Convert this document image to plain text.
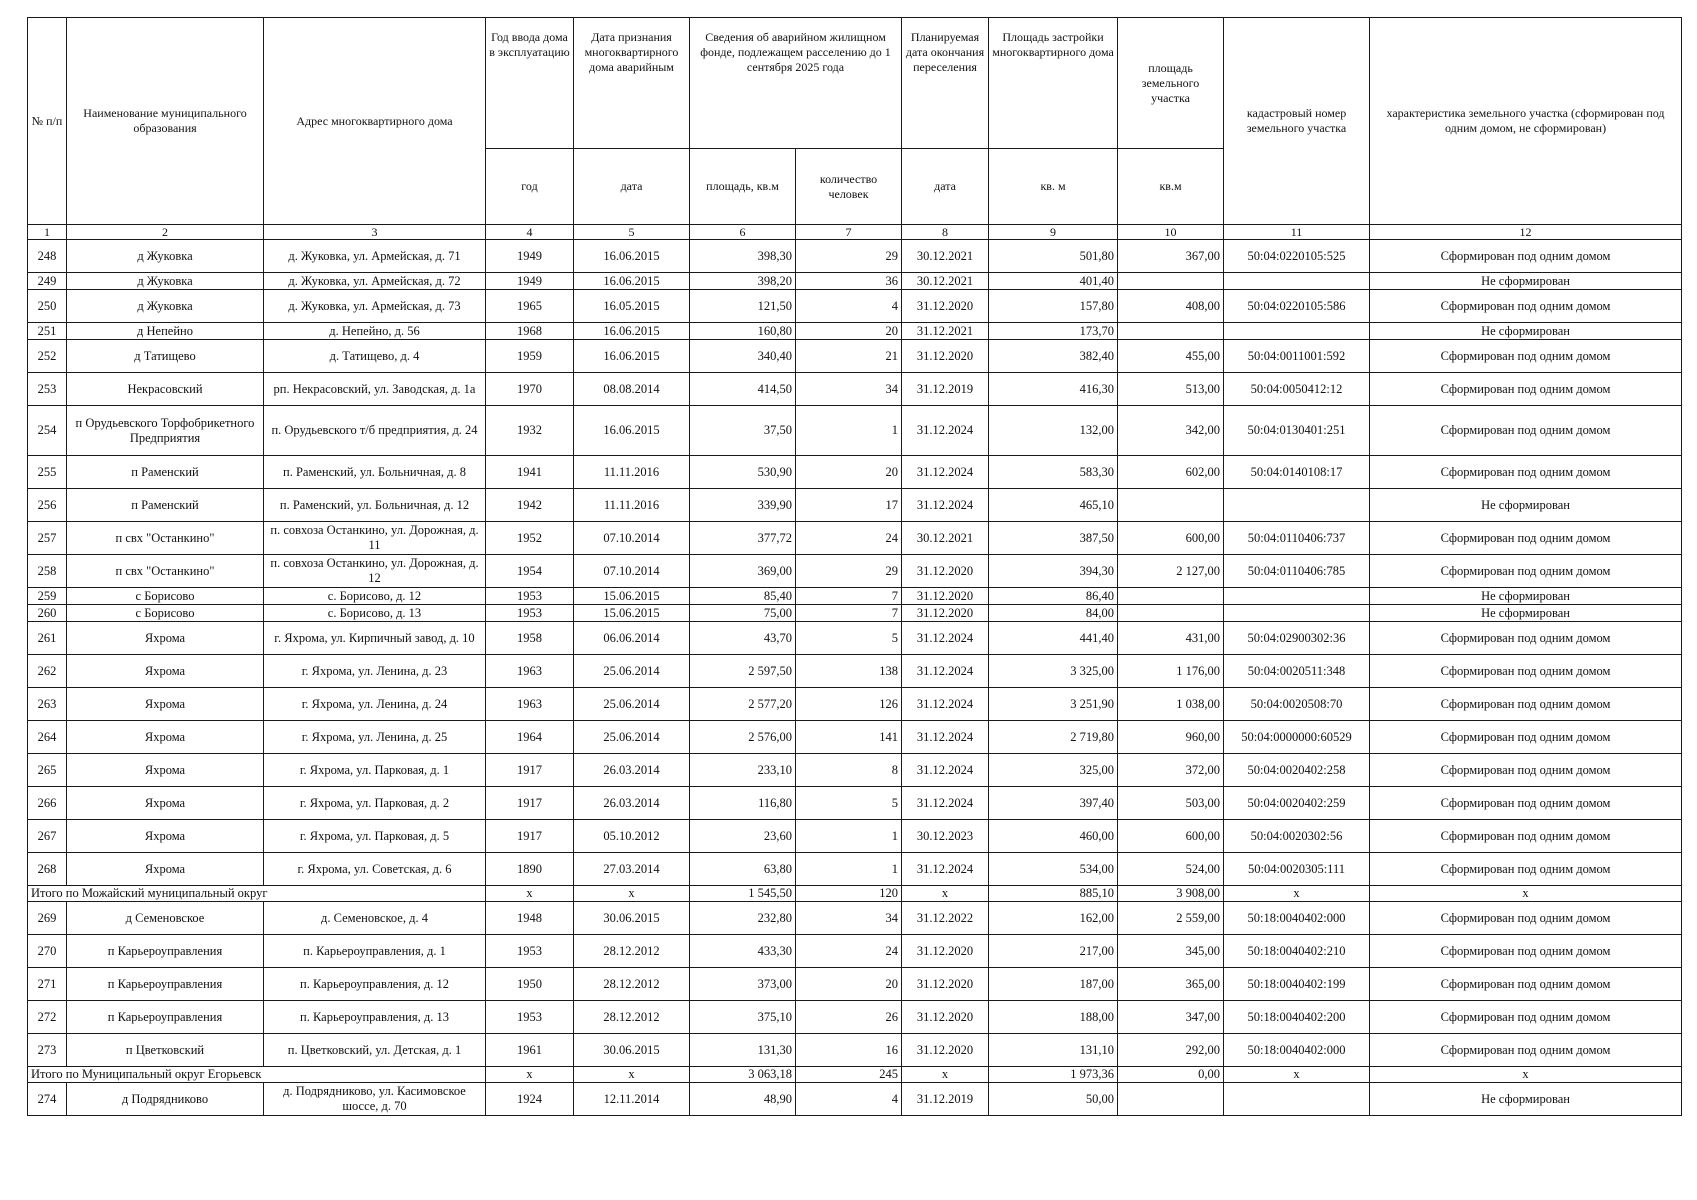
№ п/п	Наименование муниципального образования	Адрес многоквартирного дома	Год ввода дома в эксплуатацию	Дата признания многоквартирного дома аварийным	Сведения об аварийном жилищном фонде, подлежащем расселению до 1 сентября 2025 года		Планируемая дата окончания переселения	Площадь застройки многоквартирного дома	площадь земельного участка	кадастровый номер земельного участка	характеристика земельного участка (сформирован под одним домом, не сформирован)
			год	дата	площадь, кв.м	количество человек	дата	кв. м	кв.м		
1	2	3	4	5	6	7	8	9	10	11	12
248	д Жуковка	д. Жуковка, ул. Армейская, д. 71	1949	16.06.2015	398,30	29	30.12.2021	501,80	367,00	50:04:0220105:525	Сформирован под одним домом
249	д Жуковка	д. Жуковка, ул. Армейская, д. 72	1949	16.06.2015	398,20	36	30.12.2021	401,40			Не сформирован
250	д Жуковка	д. Жуковка, ул. Армейская, д. 73	1965	16.05.2015	121,50	4	31.12.2020	157,80	408,00	50:04:0220105:586	Сформирован под одним домом
251	д Непейно	д. Непейно, д. 56	1968	16.06.2015	160,80	20	31.12.2021	173,70			Не сформирован
252	д Татищево	д. Татищево, д. 4	1959	16.06.2015	340,40	21	31.12.2020	382,40	455,00	50:04:0011001:592	Сформирован под одним домом
253	Некрасовский	рп. Некрасовский, ул. Заводская, д. 1а	1970	08.08.2014	414,50	34	31.12.2019	416,30	513,00	50:04:0050412:12	Сформирован под одним домом
254	п Орудьевского Торфобрикетного Предприятия	п. Орудьевского т/б предприятия, д. 24	1932	16.06.2015	37,50	1	31.12.2024	132,00	342,00	50:04:0130401:251	Сформирован под одним домом
255	п Раменский	п. Раменский, ул. Больничная, д. 8	1941	11.11.2016	530,90	20	31.12.2024	583,30	602,00	50:04:0140108:17	Сформирован под одним домом
256	п Раменский	п. Раменский, ул. Больничная, д. 12	1942	11.11.2016	339,90	17	31.12.2024	465,10			Не сформирован
257	п свх "Останкино"	п. совхоза Останкино, ул. Дорожная, д. 11	1952	07.10.2014	377,72	24	30.12.2021	387,50	600,00	50:04:0110406:737	Сформирован под одним домом
258	п свх "Останкино"	п. совхоза Останкино, ул. Дорожная, д. 12	1954	07.10.2014	369,00	29	31.12.2020	394,30	2 127,00	50:04:0110406:785	Сформирован под одним домом
259	с Борисово	с. Борисово, д. 12	1953	15.06.2015	85,40	7	31.12.2020	86,40			Не сформирован
260	с Борисово	с. Борисово, д. 13	1953	15.06.2015	75,00	7	31.12.2020	84,00			Не сформирован
261	Яхрома	г. Яхрома, ул. Кирпичный завод, д. 10	1958	06.06.2014	43,70	5	31.12.2024	441,40	431,00	50:04:02900302:36	Сформирован под одним домом
262	Яхрома	г. Яхрома, ул. Ленина, д. 23	1963	25.06.2014	2 597,50	138	31.12.2024	3 325,00	1 176,00	50:04:0020511:348	Сформирован под одним домом
263	Яхрома	г. Яхрома, ул. Ленина, д. 24	1963	25.06.2014	2 577,20	126	31.12.2024	3 251,90	1 038,00	50:04:0020508:70	Сформирован под одним домом
264	Яхрома	г. Яхрома, ул. Ленина, д. 25	1964	25.06.2014	2 576,00	141	31.12.2024	2 719,80	960,00	50:04:0000000:60529	Сформирован под одним домом
265	Яхрома	г. Яхрома, ул. Парковая, д. 1	1917	26.03.2014	233,10	8	31.12.2024	325,00	372,00	50:04:0020402:258	Сформирован под одним домом
266	Яхрома	г. Яхрома, ул. Парковая, д. 2	1917	26.03.2014	116,80	5	31.12.2024	397,40	503,00	50:04:0020402:259	Сформирован под одним домом
267	Яхрома	г. Яхрома, ул. Парковая, д. 5	1917	05.10.2012	23,60	1	30.12.2023	460,00	600,00	50:04:0020302:56	Сформирован под одним домом
268	Яхрома	г. Яхрома, ул. Советская, д. 6	1890	27.03.2014	63,80	1	31.12.2024	534,00	524,00	50:04:0020305:111	Сформирован под одним домом
Итого по Можайский муниципальный округ			x	x	1 545,50	120	x	885,10	3 908,00	x	x
269	д Семеновское	д. Семеновское, д. 4	1948	30.06.2015	232,80	34	31.12.2022	162,00	2 559,00	50:18:0040402:000	Сформирован под одним домом
270	п Карьероуправления	п. Карьероуправления, д. 1	1953	28.12.2012	433,30	24	31.12.2020	217,00	345,00	50:18:0040402:210	Сформирован под одним домом
271	п Карьероуправления	п. Карьероуправления, д. 12	1950	28.12.2012	373,00	20	31.12.2020	187,00	365,00	50:18:0040402:199	Сформирован под одним домом
272	п Карьероуправления	п. Карьероуправления, д. 13	1953	28.12.2012	375,10	26	31.12.2020	188,00	347,00	50:18:0040402:200	Сформирован под одним домом
273	п Цветковский	п. Цветковский, ул. Детская, д. 1	1961	30.06.2015	131,30	16	31.12.2020	131,10	292,00	50:18:0040402:000	Сформирован под одним домом
Итого по Муниципальный округ Егорьевск			x	x	3 063,18	245	x	1 973,36	0,00	x	x
274	д Подрядниково	д. Подрядниково, ул. Касимовское шоссе, д. 70	1924	12.11.2014	48,90	4	31.12.2019	50,00			Не сформирован
